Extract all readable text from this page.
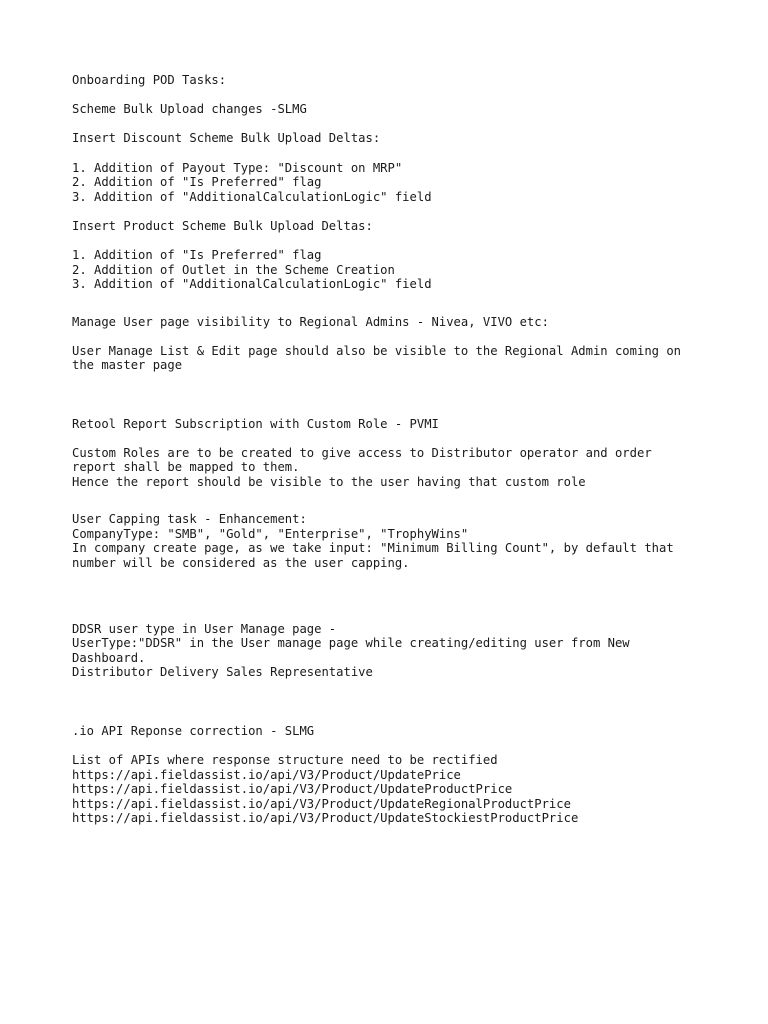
Onboarding POD Tasks:

Scheme Bulk Upload changes -SLMG

Insert Discount Scheme Bulk Upload Deltas:

1. Addition of Payout Type: "Discount on MRP"
2. Addition of "Is Preferred" flag
3. Addition of "AdditionalCalculationLogic" field

Insert Product Scheme Bulk Upload Deltas:

1. Addition of "Is Preferred" flag
2. Addition of Outlet in the Scheme Creation
3. Addition of "AdditionalCalculationLogic" field

Manage User page visibility to Regional Admins - Nivea, VIVO etc:

User Manage List & Edit page should also be visible to the Regional Admin coming on
the master page

Retool Report Subscription with Custom Role - PVMI

Custom Roles are to be created to give access to Distributor operator and order
report shall be mapped to them.
Hence the report should be visible to the user having that custom role

User Capping task - Enhancement:

CompanyType: "SMB", "Gold", "Enterprise", "TrophyWins"
In company create page, as we take input: "Minimum Billing Count", by default that
number will be considered as the user capping.

DDSR user type in User Manage page -

UserType:"DDSR" in the User manage page while creating/editing user from New
Dashboard.
Distributor Delivery Sales Representative

.io API Reponse correction - SLMG

List of APIs where response structure need to be rectified

https://api.fieldassist.io/api/V3/Product/UpdatePrice
https://api.fieldassist.io/api/V3/Product/UpdateProductPrice
https://api.fieldassist.io/api/V3/Product/UpdateRegionalProductPrice
https://api.fieldassist.io/api/V3/Product/UpdateStockiestProductPrice
